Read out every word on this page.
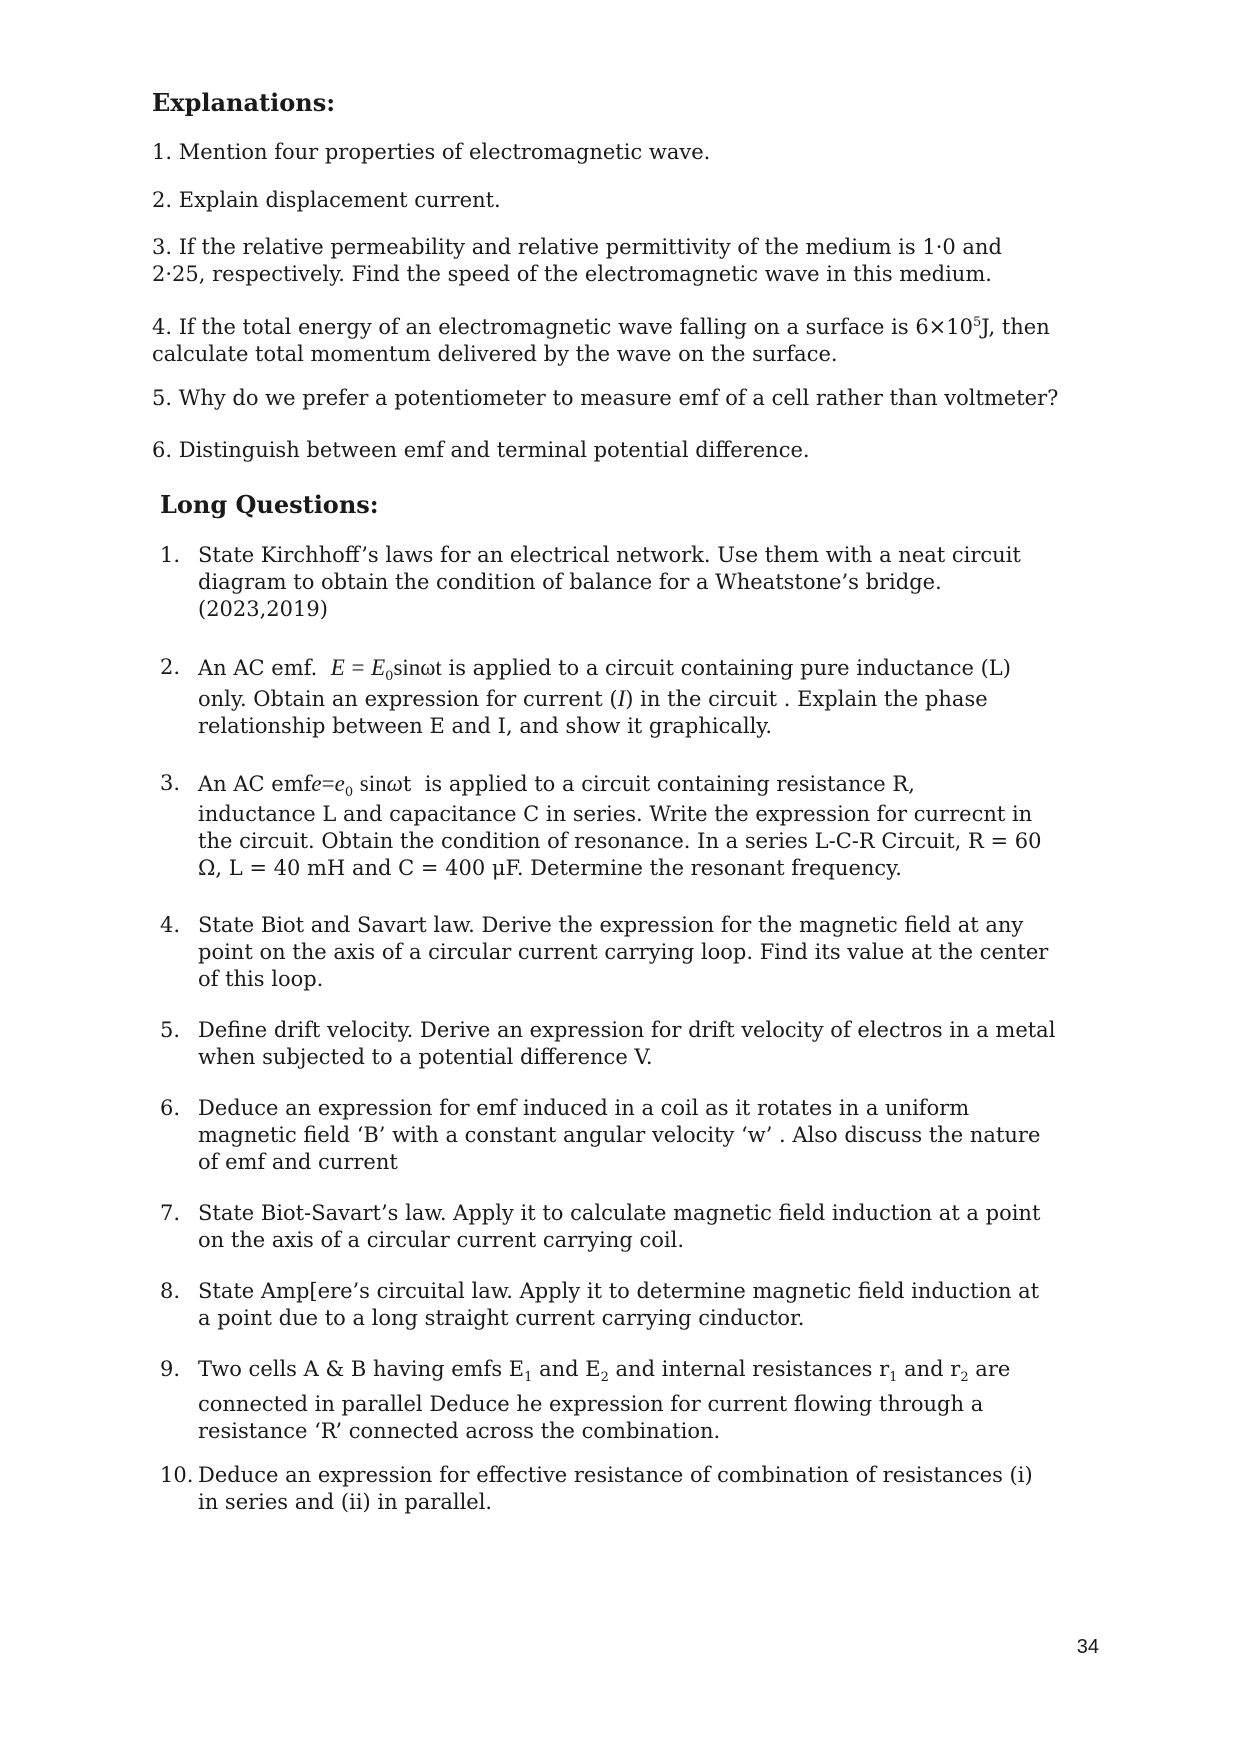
Explanations:
1. Mention four properties of electromagnetic wave.
2. Explain displacement current.
3. If the relative permeability and relative permittivity of the medium is 1·0 and
2·25, respectively. Find the speed of the electromagnetic wave in this medium.
4. If the total energy of an electromagnetic wave falling on a surface is $6\times 10^5J$, then
calculate total momentum delivered by the wave on the surface.
5. Why do we prefer a potentiometer to measure emf of a cell rather than voltmeter?
6. Distinguish between emf and terminal potential difference.
Long Questions:
1. State Kirchhoff’s laws for an electrical network. Use them with a neat circuit
diagram to obtain the condition of balance for a Wheatstone’s bridge.
(2023,2019)
2. An AC emf. $E = E_0\sin\omega t$ is applied to a circuit containing pure inductance (L)
only. Obtain an expression for current (I) in the circuit . Explain the phase
relationship between E and I, and show it graphically.
3. An AC $emfe=e_0$ sinωt is applied to a circuit containing resistance R,
inductance L and capacitance C in series. Write the expression for currecnt in
the circuit. Obtain the condition of resonance. In a series L-C-R Circuit, R = 60
Ω, L = 40 mH and C = 400 μF. Determine the resonant frequency.
4. State Biot and Savart law. Derive the expression for the magnetic field at any
point on the axis of a circular current carrying loop. Find its value at the center
of this loop.
5. Define drift velocity. Derive an expression for drift velocity of electros in a metal
when subjected to a potential difference V.
6. Deduce an expression for emf induced in a coil as it rotates in a uniform
magnetic field ‘B’ with a constant angular velocity ‘w’ . Also discuss the nature
of emf and current
7. State Biot-Savart’s law. Apply it to calculate magnetic field induction at a point
on the axis of a circular current carrying coil.
8. State Amp[ere’s circuital law. Apply it to determine magnetic field induction at
a point due to a long straight current carrying cinductor.
9. Two cells A & B having emfs $E_1$ and $E_2$ and internal resistances $r_1$ and $r_2$ are
connected in parallel Deduce he expression for current flowing through a
resistance ‘R’ connected across the combination.
10. Deduce an expression for effective resistance of combination of resistances (i)
in series and (ii) in parallel.
34
